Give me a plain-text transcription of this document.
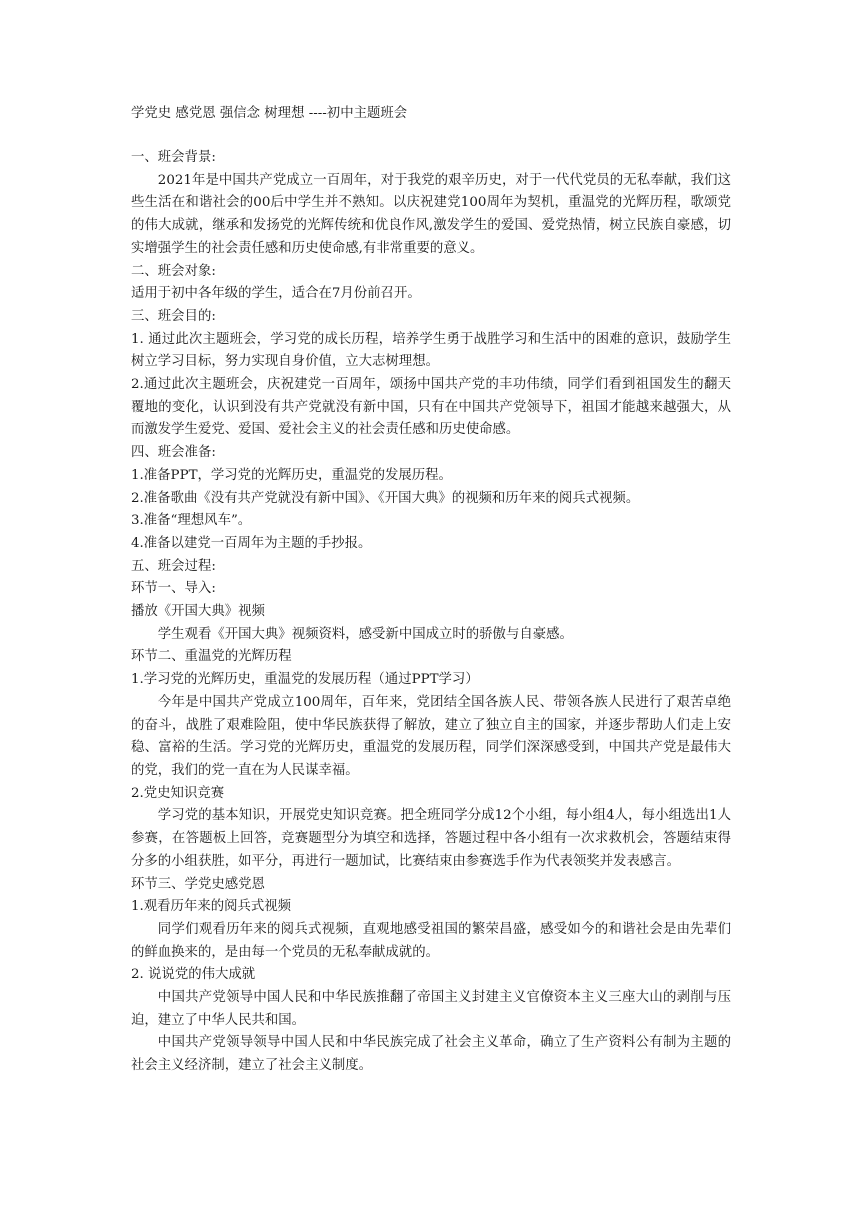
学党史 感党恩 强信念 树理想 ----初中主题班会

一、班会背景:

2021年是中国共产党成立一百周年，对于我党的艰辛历史，对于一代代党员的无私奉献，我们这些生活在和谐社会的00后中学生并不熟知。以庆祝建党100周年为契机，重温党的光辉历程，歌颂党的伟大成就，继承和发扬党的光辉传统和优良作风,激发学生的爱国、爱党热情，树立民族自豪感，切实增强学生的社会责任感和历史使命感,有非常重要的意义。

二、班会对象:

适用于初中各年级的学生，适合在7月份前召开。

三、班会目的:

1. 通过此次主题班会，学习党的成长历程，培养学生勇于战胜学习和生活中的困难的意识，鼓励学生树立学习目标，努力实现自身价值，立大志树理想。

2.通过此次主题班会，庆祝建党一百周年，颂扬中国共产党的丰功伟绩，同学们看到祖国发生的翻天覆地的变化，认识到没有共产党就没有新中国，只有在中国共产党领导下，祖国才能越来越强大，从而激发学生爱党、爱国、爱社会主义的社会责任感和历史使命感。

四、班会准备:

1.准备PPT，学习党的光辉历史，重温党的发展历程。

2.准备歌曲《没有共产党就没有新中国》、《开国大典》的视频和历年来的阅兵式视频。

3.准备“理想风车”。

4.准备以建党一百周年为主题的手抄报。

五、班会过程:

环节一、导入:

播放《开国大典》视频

学生观看《开国大典》视频资料，感受新中国成立时的骄傲与自豪感。

环节二、重温党的光辉历程

1.学习党的光辉历史，重温党的发展历程（通过PPT学习）

今年是中国共产党成立100周年，百年来，党团结全国各族人民、带领各族人民进行了艰苦卓绝的奋斗，战胜了艰难险阻，使中华民族获得了解放，建立了独立自主的国家，并逐步帮助人们走上安稳、富裕的生活。学习党的光辉历史，重温党的发展历程，同学们深深感受到，中国共产党是最伟大的党，我们的党一直在为人民谋幸福。

2.党史知识竞赛

学习党的基本知识，开展党史知识竞赛。把全班同学分成12个小组，每小组4人，每小组选出1人参赛，在答题板上回答，竞赛题型分为填空和选择，答题过程中各小组有一次求救机会，答题结束得分多的小组获胜，如平分，再进行一题加试，比赛结束由参赛选手作为代表领奖并发表感言。

环节三、学党史感党恩

1.观看历年来的阅兵式视频

同学们观看历年来的阅兵式视频，直观地感受祖国的繁荣昌盛，感受如今的和谐社会是由先辈们的鲜血换来的，是由每一个党员的无私奉献成就的。

2. 说说党的伟大成就

中国共产党领导中国人民和中华民族推翻了帝国主义封建主义官僚资本主义三座大山的剥削与压迫，建立了中华人民共和国。

中国共产党领导领导中国人民和中华民族完成了社会主义革命，确立了生产资料公有制为主题的社会主义经济制，建立了社会主义制度。
